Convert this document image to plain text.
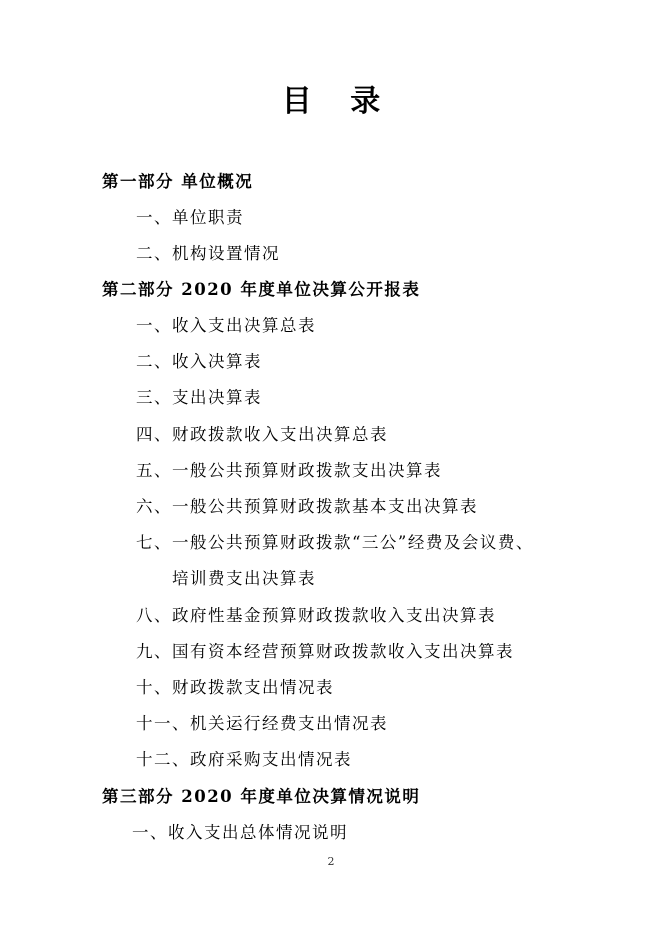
目 录
第一部分 单位概况
一、单位职责
二、机构设置情况
第二部分 2020 年度单位决算公开报表
一、收入支出决算总表
二、收入决算表
三、支出决算表
四、财政拨款收入支出决算总表
五、一般公共预算财政拨款支出决算表
六、一般公共预算财政拨款基本支出决算表
七、一般公共预算财政拨款“三公”经费及会议费、
培训费支出决算表
八、政府性基金预算财政拨款收入支出决算表
九、国有资本经营预算财政拨款收入支出决算表
十、财政拨款支出情况表
十一、机关运行经费支出情况表
十二、政府采购支出情况表
第三部分 2020 年度单位决算情况说明
一、收入支出总体情况说明
2
